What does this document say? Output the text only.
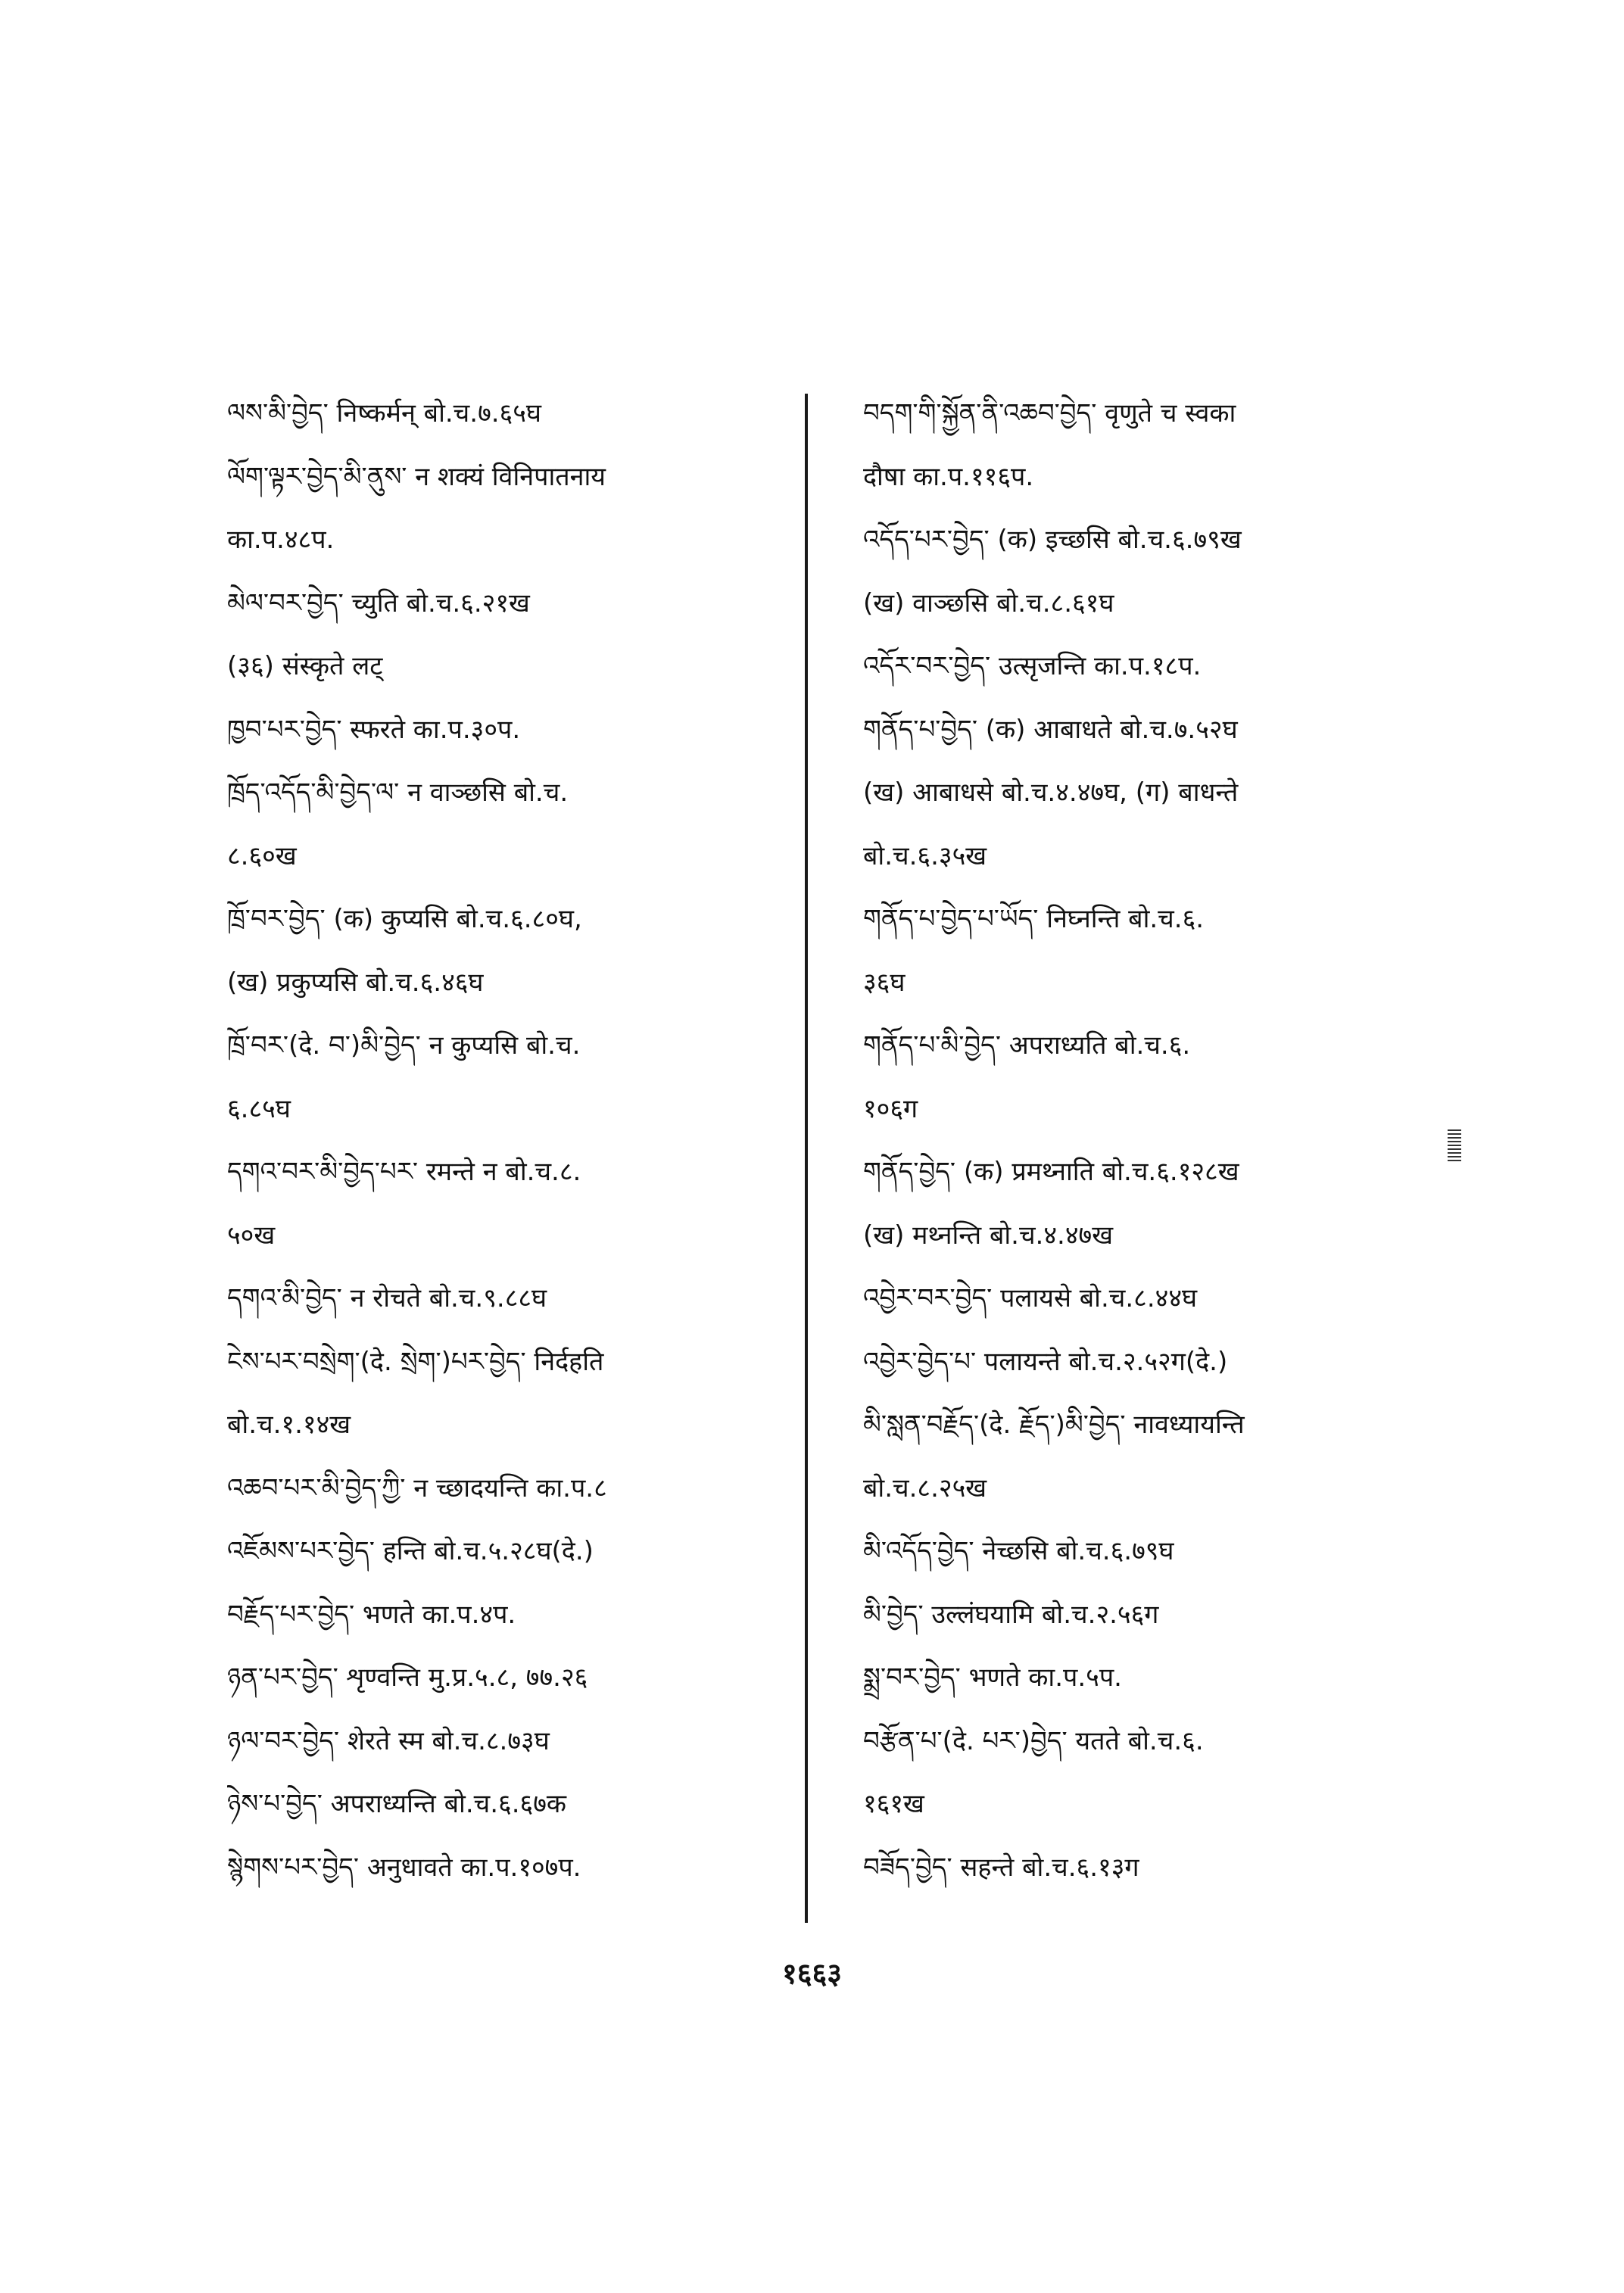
ལས་མི་བྱེད་ निष्कर्मन् बो.च.७.६५घ
ལོག་ལྟར་བྱེད་མི་ནུས་ न शक्यं विनिपातनाय
का.प.४८प.
མེལ་བར་བྱེད་ च्युति बो.च.६.२१ख
(३६) संस्कृते लट्
ཁྱབ་པར་བྱེད་ स्फरते का.प.३०प.
ཁྲོད་འདོད་མི་བྱེད་ལ་ न वाञ्छसि बो.च.
८.६०ख
ཁྲོ་བར་བྱེད་ (क) कुप्यसि बो.च.६.८०घ,
(ख) प्रकुप्यसि बो.च.६.४६घ
ཁྲོ་བར་(दे. བ་)མི་བྱེད་ न कुप्यसि बो.च.
६.८५घ
དགའ་བར་མི་བྱེད་པར་ रमन्ते न बो.च.८.
५०ख
དགའ་མི་བྱེད་ न रोचते बो.च.९.८८घ
ངེས་པར་བསྲེག་(दे. སྲེག་)པར་བྱེད་ निर्दहति
बो.च.१.१४ख
འཆབ་པར་མི་བྱེད་ཀྱི་ न च्छादयन्ति का.प.८
འཇོམས་པར་བྱེད་ हन्ति बो.च.५.२८घ(दे.)
བརྗོད་པར་བྱེད་ भणते का.प.४प.
ཉན་པར་བྱེད་ शृण्वन्ति मु.प्र.५.८, ७७.२६
ཉལ་བར་བྱེད་ शेरते स्म बो.च.८.७३घ
ཉེས་པ་བྱེད་ अपराध्यन्ति बो.च.६.६७क
སྙེགས་པར་བྱེད་ अनुधावते का.प.१०७प.
བདག་གི་སྐྱོན་ནི་འཆབ་བྱེད་ वृणुते च स्वका
दौषा का.प.११६प.
འདོད་པར་བྱེད་ (क) इच्छसि बो.च.६.७९ख
(ख) वाञ्छसि बो.च.८.६१घ
འདོར་བར་བྱེད་ उत्सृजन्ति का.प.१८प.
གནོད་པ་བྱེད་ (क) आबाधते बो.च.७.५२घ
(ख) आबाधसे बो.च.४.४७घ, (ग) बाधन्ते
बो.च.६.३५ख
གནོད་པ་བྱེད་པ་ཡོད་ निघ्नन्ति बो.च.६.
३६घ
གནོད་པ་མི་བྱེད་ अपराध्यति बो.च.६.
१०६ग
གནོད་བྱེད་ (क) प्रमथ्नाति बो.च.६.१२८ख
(ख) मथ्नन्ति बो.च.४.४७ख
འབྱེར་བར་བྱེད་ पलायसे बो.च.८.४४घ
འབྱེར་བྱེད་པ་ पलायन्ते बो.च.२.५२ग(दे.)
མི་སླན་བརྗོད་(दे. རྗོད་)མི་བྱེད་ नावध्यायन्ति
बो.च.८.२५ख
མི་འདོད་བྱེད་ नेच्छसि बो.च.६.७९घ
མི་བྱེད་ उल्लंघयामि बो.च.२.५६ग
སྨྲ་བར་བྱེད་ भणते का.प.५प.
བརྩོན་པ་(दे. པར་)བྱེད་ यतते बो.च.६.
१६१ख
བཟོད་བྱེད་ सहन्ते बो.च.६.१३ग
१६६३
